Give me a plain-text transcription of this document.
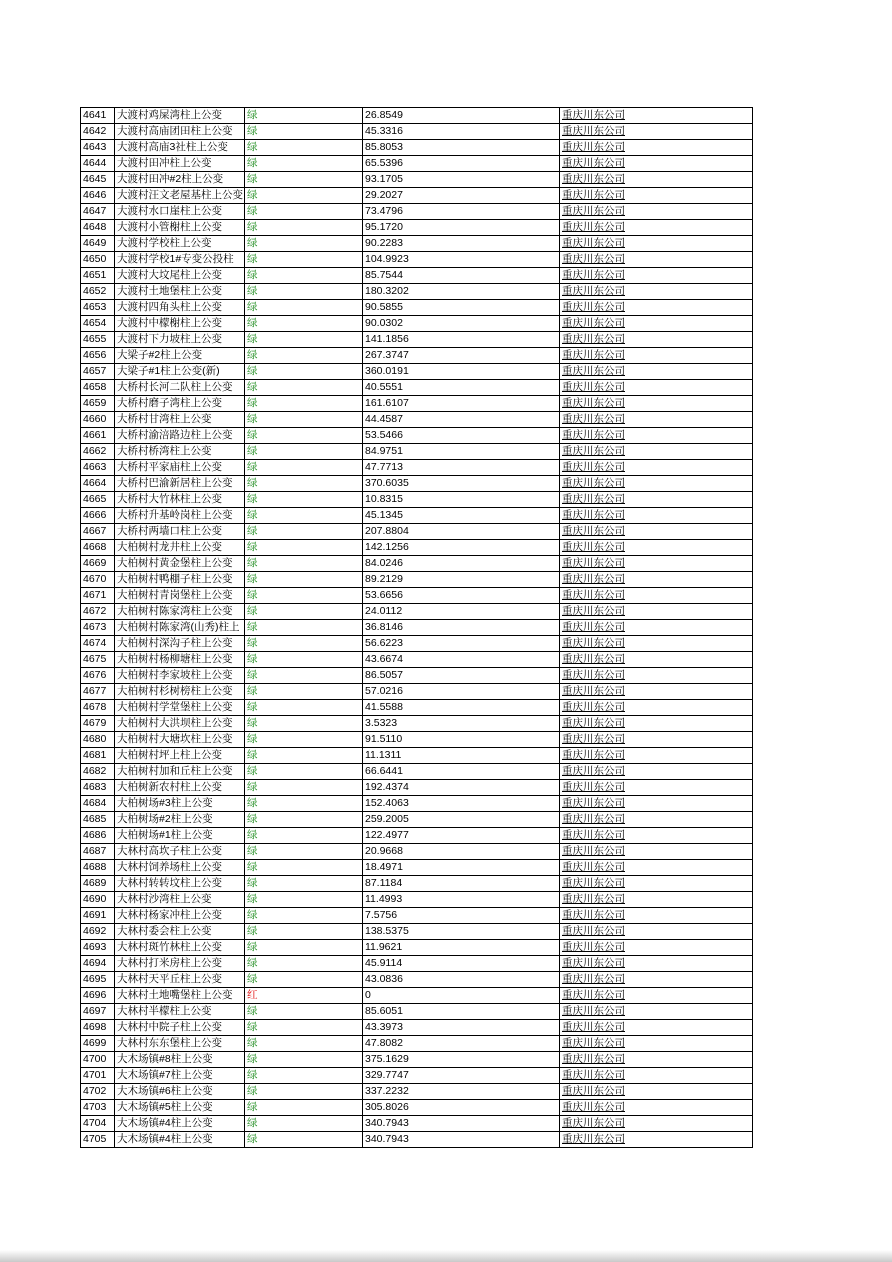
4641	大渡村鸡屎湾柱上公变	绿	26.8549	重庆川东公司
4642	大渡村高庙团田柱上公变	绿	45.3316	重庆川东公司
4643	大渡村高庙3社柱上公变	绿	85.8053	重庆川东公司
4644	大渡村田冲柱上公变	绿	65.5396	重庆川东公司
4645	大渡村田冲#2柱上公变	绿	93.1705	重庆川东公司
4646	大渡村汪文老屋基柱上公变	绿	29.2027	重庆川东公司
4647	大渡村水口崖柱上公变	绿	73.4796	重庆川东公司
4648	大渡村小管榭柱上公变	绿	95.1720	重庆川东公司
4649	大渡村学校柱上公变	绿	90.2283	重庆川东公司
4650	大渡村学校1#专变公投柱	绿	104.9923	重庆川东公司
4651	大渡村大坟尾柱上公变	绿	85.7544	重庆川东公司
4652	大渡村土地堡柱上公变	绿	180.3202	重庆川东公司
4653	大渡村四角头柱上公变	绿	90.5855	重庆川东公司
4654	大渡村中檬榭柱上公变	绿	90.0302	重庆川东公司
4655	大渡村下力坡柱上公变	绿	141.1856	重庆川东公司
4656	大梁子#2柱上公变	绿	267.3747	重庆川东公司
4657	大梁子#1柱上公变(新)	绿	360.0191	重庆川东公司
4658	大桥村长河二队柱上公变	绿	40.5551	重庆川东公司
4659	大桥村磨子湾柱上公变	绿	161.6107	重庆川东公司
4660	大桥村甘湾柱上公变	绿	44.4587	重庆川东公司
4661	大桥村渝涪路边柱上公变	绿	53.5466	重庆川东公司
4662	大桥村桥湾柱上公变	绿	84.9751	重庆川东公司
4663	大桥村平家庙柱上公变	绿	47.7713	重庆川东公司
4664	大桥村巴渝新居柱上公变	绿	370.6035	重庆川东公司
4665	大桥村大竹林柱上公变	绿	10.8315	重庆川东公司
4666	大桥村升基岭岗柱上公变	绿	45.1345	重庆川东公司
4667	大桥村两墙口柱上公变	绿	207.8804	重庆川东公司
4668	大柏树村龙井柱上公变	绿	142.1256	重庆川东公司
4669	大柏树村黄金堡柱上公变	绿	84.0246	重庆川东公司
4670	大柏树村鸭棚子柱上公变	绿	89.2129	重庆川东公司
4671	大柏树村青岗堡柱上公变	绿	53.6656	重庆川东公司
4672	大柏树村陈家湾柱上公变	绿	24.0112	重庆川东公司
4673	大柏树村陈家湾(山秀)柱上	绿	36.8146	重庆川东公司
4674	大柏树村深沟子柱上公变	绿	56.6223	重庆川东公司
4675	大柏树村杨柳塘柱上公变	绿	43.6674	重庆川东公司
4676	大柏树村李家坡柱上公变	绿	86.5057	重庆川东公司
4677	大柏树村杉树榜柱上公变	绿	57.0216	重庆川东公司
4678	大柏树村学堂堡柱上公变	绿	41.5588	重庆川东公司
4679	大柏树村大洪坝柱上公变	绿	3.5323	重庆川东公司
4680	大柏树村大塘坎柱上公变	绿	91.5110	重庆川东公司
4681	大柏树村坪上柱上公变	绿	11.1311	重庆川东公司
4682	大柏树村加和丘柱上公变	绿	66.6441	重庆川东公司
4683	大柏树新农村柱上公变	绿	192.4374	重庆川东公司
4684	大柏树场#3柱上公变	绿	152.4063	重庆川东公司
4685	大柏树场#2柱上公变	绿	259.2005	重庆川东公司
4686	大柏树场#1柱上公变	绿	122.4977	重庆川东公司
4687	大林村高坎子柱上公变	绿	20.9668	重庆川东公司
4688	大林村饲养场柱上公变	绿	18.4971	重庆川东公司
4689	大林村转转坟柱上公变	绿	87.1184	重庆川东公司
4690	大林村沙湾柱上公变	绿	11.4993	重庆川东公司
4691	大林村杨家冲柱上公变	绿	7.5756	重庆川东公司
4692	大林村委会柱上公变	绿	138.5375	重庆川东公司
4693	大林村斑竹林柱上公变	绿	11.9621	重庆川东公司
4694	大林村打米房柱上公变	绿	45.9114	重庆川东公司
4695	大林村天平丘柱上公变	绿	43.0836	重庆川东公司
4696	大林村土地嘴堡柱上公变	红	0	重庆川东公司
4697	大林村半檬柱上公变	绿	85.6051	重庆川东公司
4698	大林村中院子柱上公变	绿	43.3973	重庆川东公司
4699	大林村东东堡柱上公变	绿	47.8082	重庆川东公司
4700	大木场镇#8柱上公变	绿	375.1629	重庆川东公司
4701	大木场镇#7柱上公变	绿	329.7747	重庆川东公司
4702	大木场镇#6柱上公变	绿	337.2232	重庆川东公司
4703	大木场镇#5柱上公变	绿	305.8026	重庆川东公司
4704	大木场镇#4柱上公变	绿	340.7943	重庆川东公司
4705	大木场镇#4柱上公变	绿	340.7943	重庆川东公司
